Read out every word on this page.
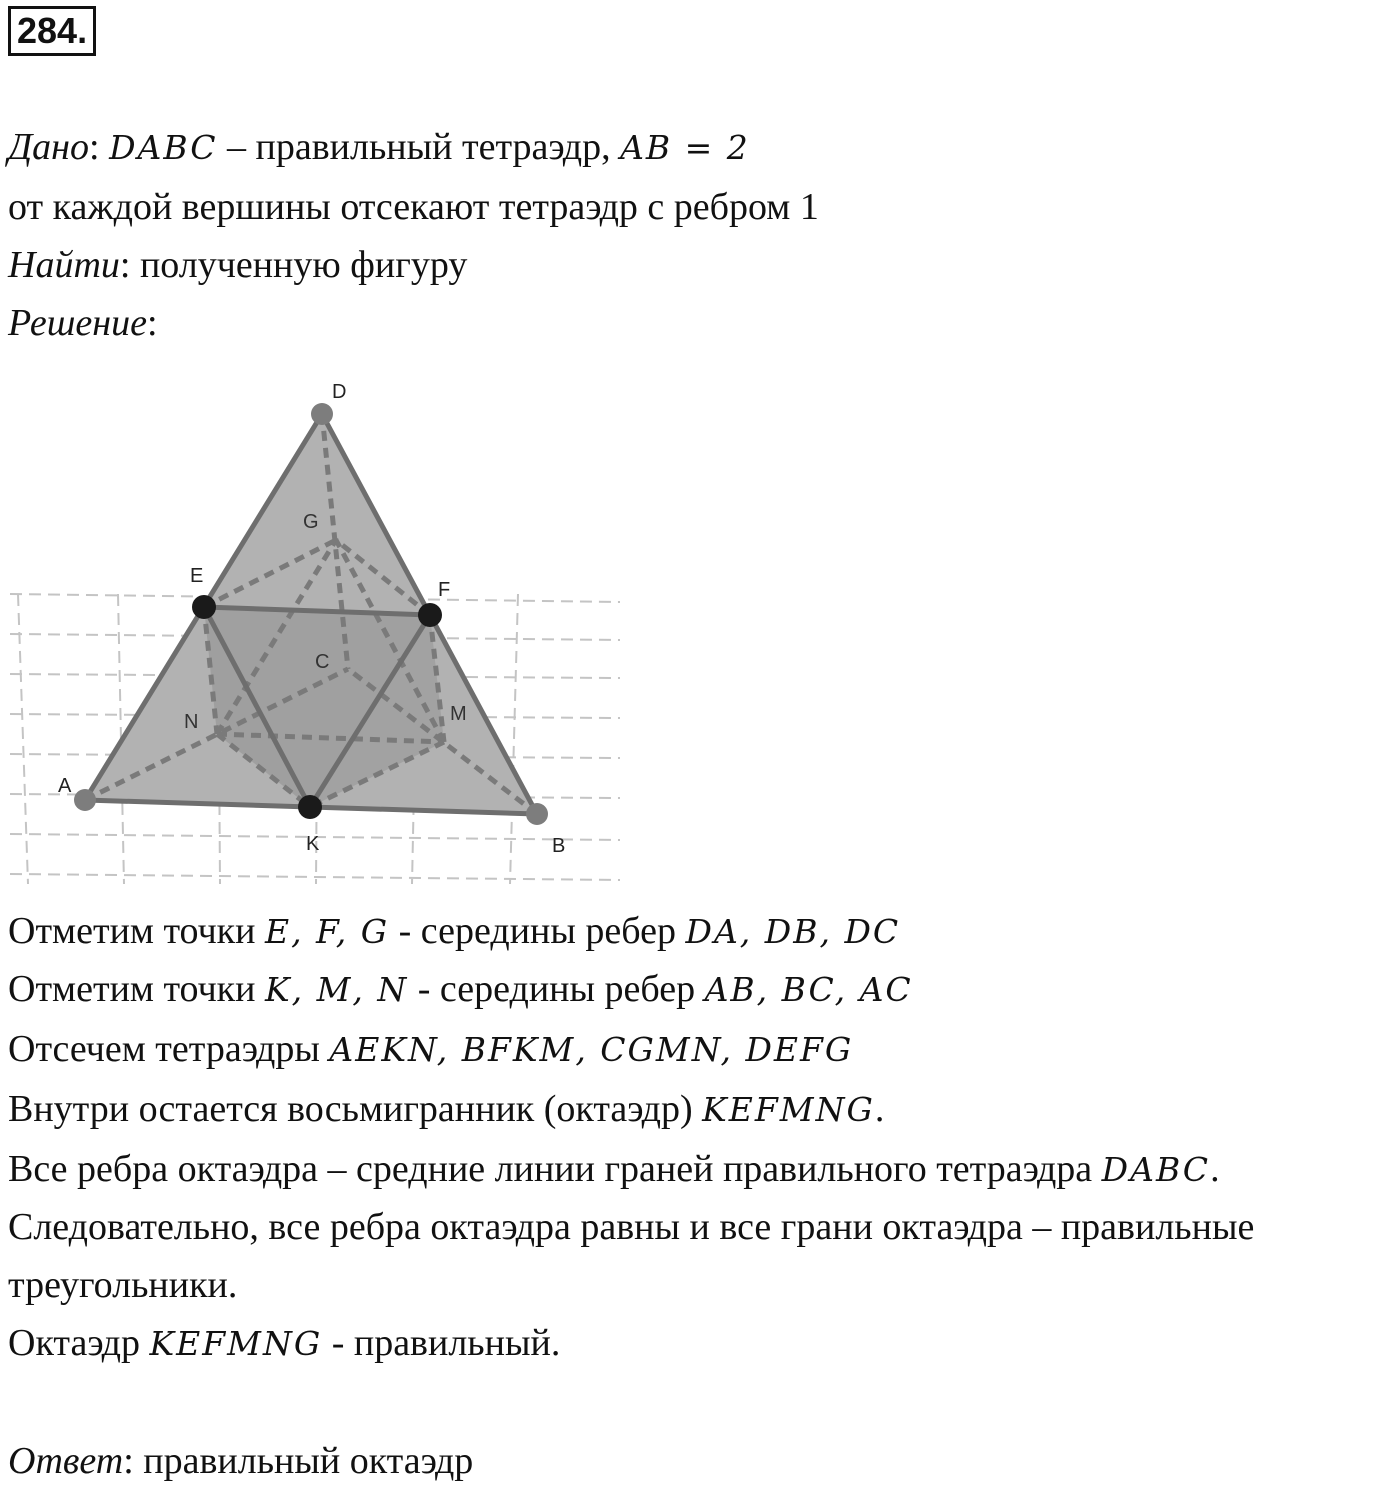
284.
Дано: DABC – правильный тетраэдр, AB = 2
от каждой вершины отсекают тетраэдр с ребром 1
Найти: полученную фигуру
Решение:
D
G
E
F
C
N	M
A
K	B
Отметим точки E, F, G - середины ребер DA, DB, DC
Отметим точки K, M, N - середины ребер AB, BC, AC
Отсечем тетраэдры AEKN, BFKM, CGMN, DEFG
Внутри остается восьмигранник (октаэдр) KEFMNG.
Все ребра октаэдра – средние линии граней правильного тетраэдра DABC.
Следовательно, все ребра октаэдра равны и все грани октаэдра – правильные
треугольники.
Октаэдр KEFMNG - правильный.
Ответ: правильный октаэдр
